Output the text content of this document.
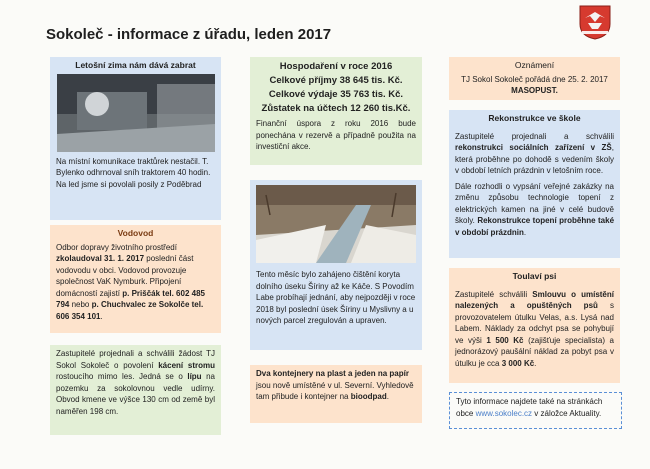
Sokoleč - informace z úřadu, leden 2017
Letošní zima nám dává zabrat

Na místní komunikace traktůrek nestačil. T. Bylenko odhrnoval sníh traktorem 40 hodin. Na led jsme si povolali posily z Poděbrad

Vodovod

Odbor dopravy životního prostředí zkolaudoval 31. 1. 2017 poslední část vodovodu v obci. Vodovod provozuje společnost VaK Nymburk. Připojení domácností zajistí p. Priščák tel. 602 485 794 nebo p. Chuchvalec ze Sokolče tel. 606 354 101.

Zastupitelé projednali a schválili žádost TJ Sokol Sokoleč o povolení kácení stromu rostoucího mimo les. Jedná se o lípu na pozemku za sokolovnou vedle udírny. Obvod kmene ve výšce 130 cm od země byl naměřen 198 cm.

Hospodaření v roce 2016
Celkové příjmy 38 645 tis. Kč.
Celkové výdaje 35 763 tis. Kč.
Zůstatek na účtech 12 260 tis.Kč.

Finanční úspora z roku 2016 bude ponechána v rezervě a případně použita na investiční akce.

Tento měsíc bylo zahájeno čištění koryta dolního úseku Šíriny až ke Káče. S Povodím Labe probíhají jednání, aby nejpozději v roce 2018 byl poslední úsek Šíriny u Myslivny a u nových parcel zregulován a upraven.

Dva kontejnery na plast a jeden na papír jsou nově umístěné v ul. Severní. Vyhledově tam přibude i kontejner na bioodpad.

Oznámení
TJ Sokol Sokoleč pořádá dne 25. 2. 2017
MASOPUST.
Rekonstrukce ve škole

Zastupitelé projednali a schválili rekonstrukci sociálních zařízení v ZŠ, která proběhne po dohodě s vedením školy v období letních prázdnin v letošním roce.

Dále rozhodli o vypsání veřejné zakázky na změnu způsobu technologie topení z elektrických kamen na jiné v celé budově školy. Rekonstrukce topení proběhne také v období prázdnin.

Toulaví psi

Zastupitelé schválili Smlouvu o umístění nalezených a opuštěných psů s provozovatelem útulku Velas, a.s. Lysá nad Labem. Náklady za odchyt psa se pohybují ve výši 1 500 Kč (zajišťuje specialista) a jednorázový paušální náklad za pobyt psa v útulku je cca 3 000 Kč.

Tyto informace najdete také na stránkách obce www.sokolec.cz v záložce Aktuality.
